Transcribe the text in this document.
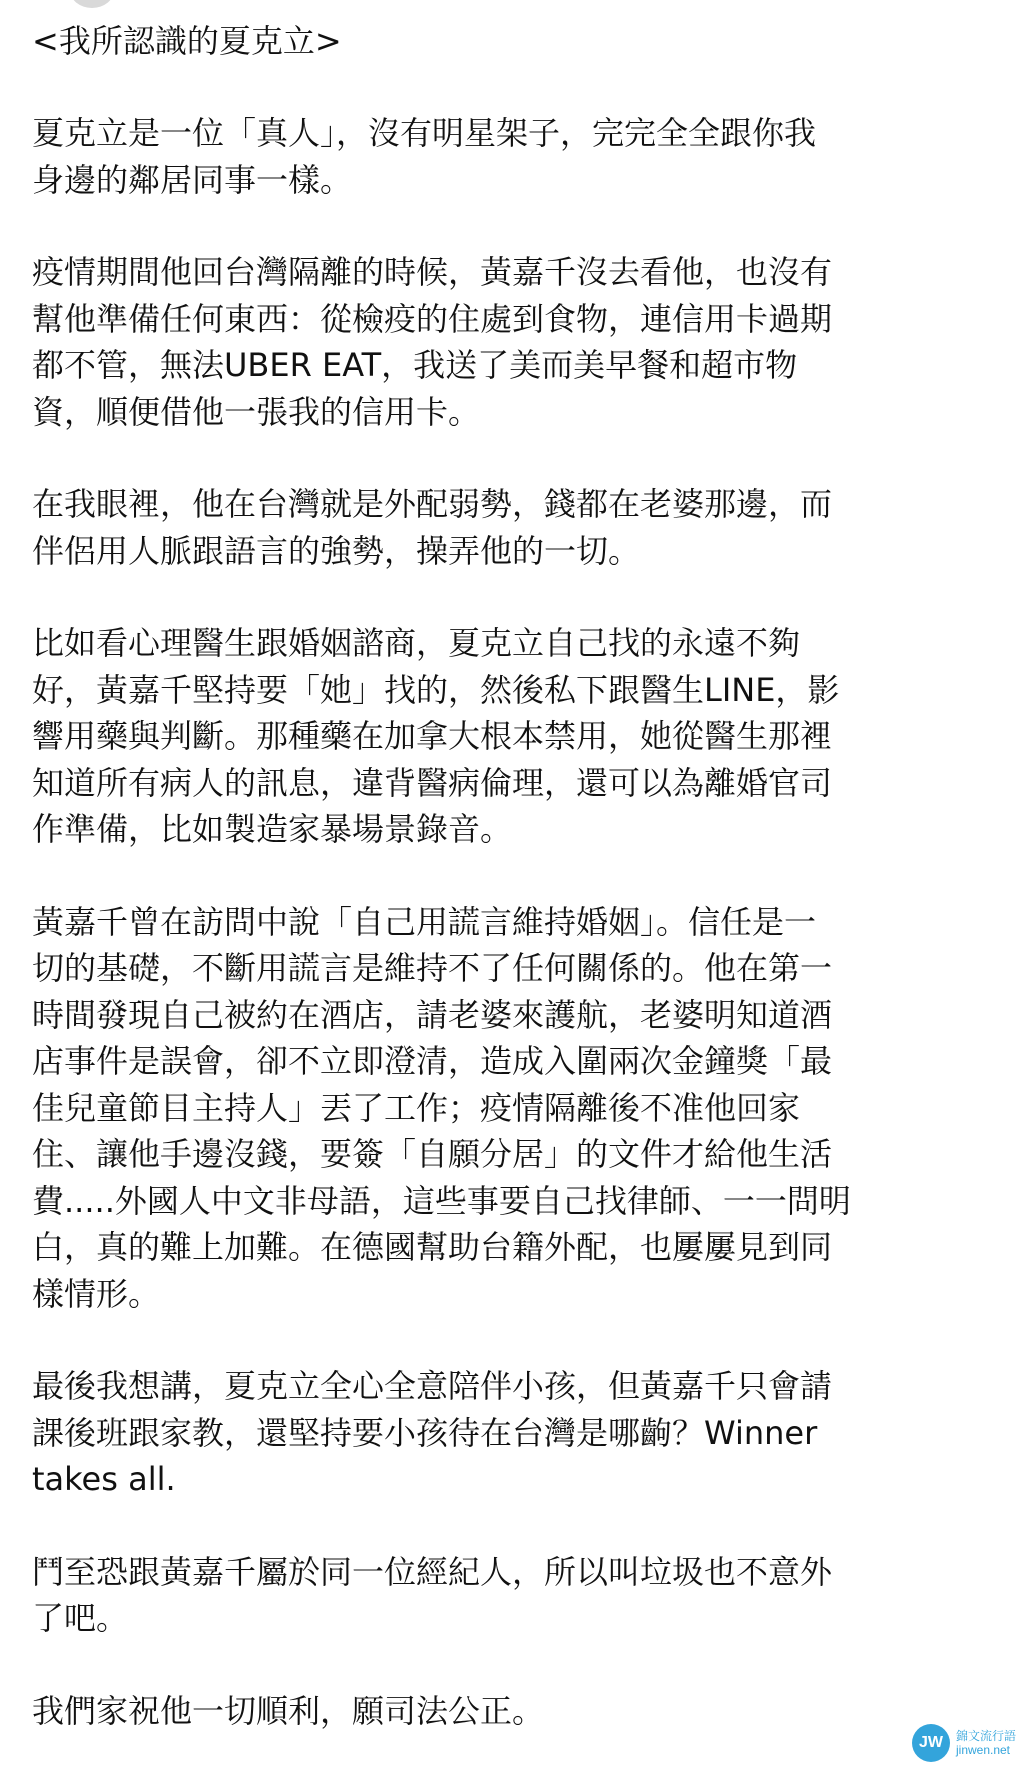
<我所認識的夏克立>

夏克立是一位「真人」，沒有明星架子，完完全全跟你我
身邊的鄰居同事一樣。

疫情期間他回台灣隔離的時候，黃嘉千沒去看他，也沒有
幫他準備任何東西：從檢疫的住處到食物，連信用卡過期
都不管，無法UBER EAT，我送了美而美早餐和超市物
資，順便借他一張我的信用卡。

在我眼裡，他在台灣就是外配弱勢，錢都在老婆那邊，而
伴侶用人脈跟語言的強勢，操弄他的一切。

比如看心理醫生跟婚姻諮商，夏克立自己找的永遠不夠
好，黃嘉千堅持要「她」找的，然後私下跟醫生LINE，影
響用藥與判斷。那種藥在加拿大根本禁用，她從醫生那裡
知道所有病人的訊息，違背醫病倫理，還可以為離婚官司
作準備，比如製造家暴場景錄音。

黃嘉千曾在訪問中說「自己用謊言維持婚姻」。信任是一
切的基礎，不斷用謊言是維持不了任何關係的。他在第一
時間發現自己被約在酒店，請老婆來護航，老婆明知道酒
店事件是誤會，卻不立即澄清，造成入圍兩次金鐘獎「最
佳兒童節目主持人」丟了工作；疫情隔離後不准他回家
住、讓他手邊沒錢，要簽「自願分居」的文件才給他生活
費.....外國人中文非母語，這些事要自己找律師、一一問明
白，真的難上加難。在德國幫助台籍外配，也屢屢見到同
樣情形。

最後我想講，夏克立全心全意陪伴小孩，但黃嘉千只會請
課後班跟家教，還堅持要小孩待在台灣是哪齣？Winner
takes all.

鬥至恐跟黃嘉千屬於同一位經紀人，所以叫垃圾也不意外
了吧。

我們家祝他一切順利，願司法公正。

JW	錦文流行語
jinwen.net
